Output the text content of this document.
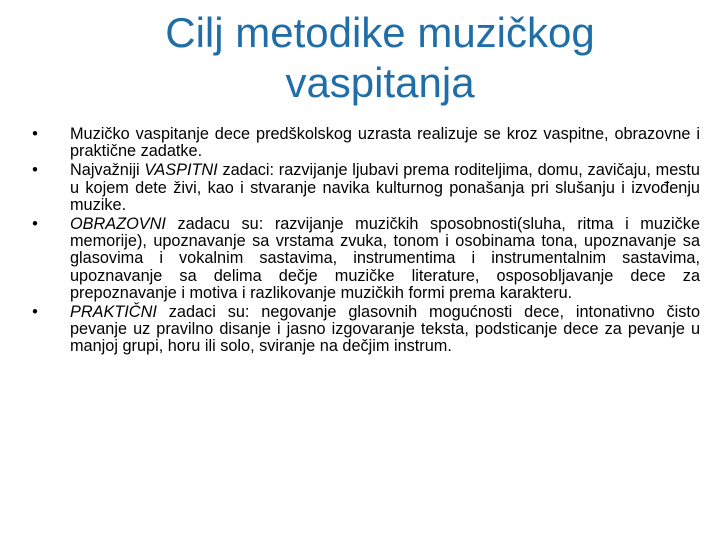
Cilj metodike muzičkog vaspitanja
• Muzičko vaspitanje dece predškolskog uzrasta realizuje se kroz vaspitne, obrazovne i praktične zadatke.
• Najvažniji VASPITNI zadaci: razvijanje ljubavi prema roditeljima, domu, zavičaju, mestu u kojem dete živi, kao i stvaranje navika kulturnog ponašanja pri slušanju i izvođenju muzike.
• OBRAZOVNI zadacu su: razvijanje muzičkih sposobnosti(sluha, ritma i muzičke memorije), upoznavanje sa vrstama zvuka, tonom i osobinama tona, upoznavanje sa glasovima i vokalnim sastavima, instrumentima i instrumentalnim sastavima, upoznavanje sa delima dečje muzičke literature, osposobljavanje dece za prepoznavanje i motiva i razlikovanje muzičkih formi prema karakteru.
• PRAKTIČNI zadaci su: negovanje glasovnih mogućnosti dece, intonativno čisto pevanje uz pravilno disanje i jasno izgovaranje teksta, podsticanje dece za pevanje u manjoj grupi, horu ili solo, sviranje na dečjim instrum.
